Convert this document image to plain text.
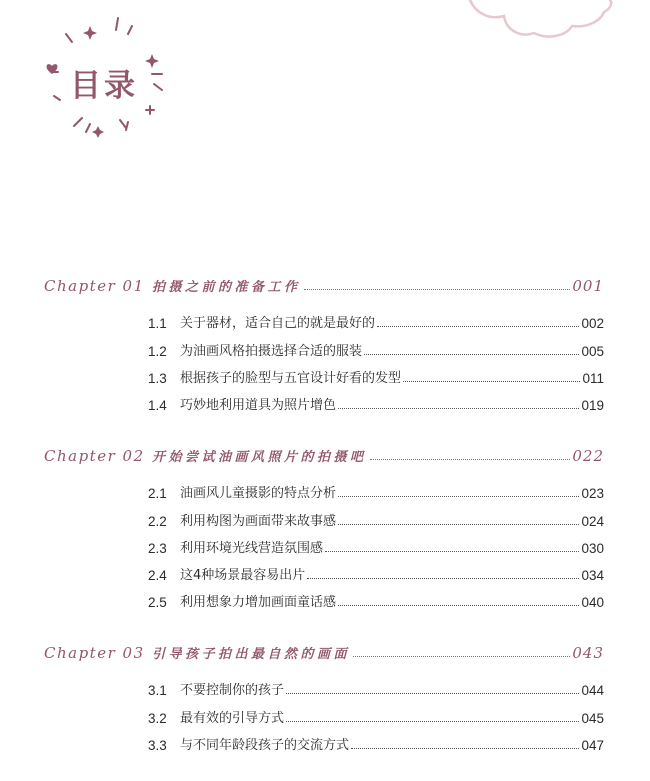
目录
Chapter 01 拍摄之前的准备工作	001
1.1	关于器材，适合自己的就是最好的	002
1.2	为油画风格拍摄选择合适的服装	005
1.3	根据孩子的脸型与五官设计好看的发型	011
1.4	巧妙地利用道具为照片增色	019
Chapter 02 开始尝试油画风照片的拍摄吧	022
2.1	油画风儿童摄影的特点分析	023
2.2	利用构图为画面带来故事感	024
2.3	利用环境光线营造氛围感	030
2.4	这4种场景最容易出片	034
2.5	利用想象力增加画面童话感	040
Chapter 03 引导孩子拍出最自然的画面	043
3.1	不要控制你的孩子	044
3.2	最有效的引导方式	045
3.3	与不同年龄段孩子的交流方式	047
